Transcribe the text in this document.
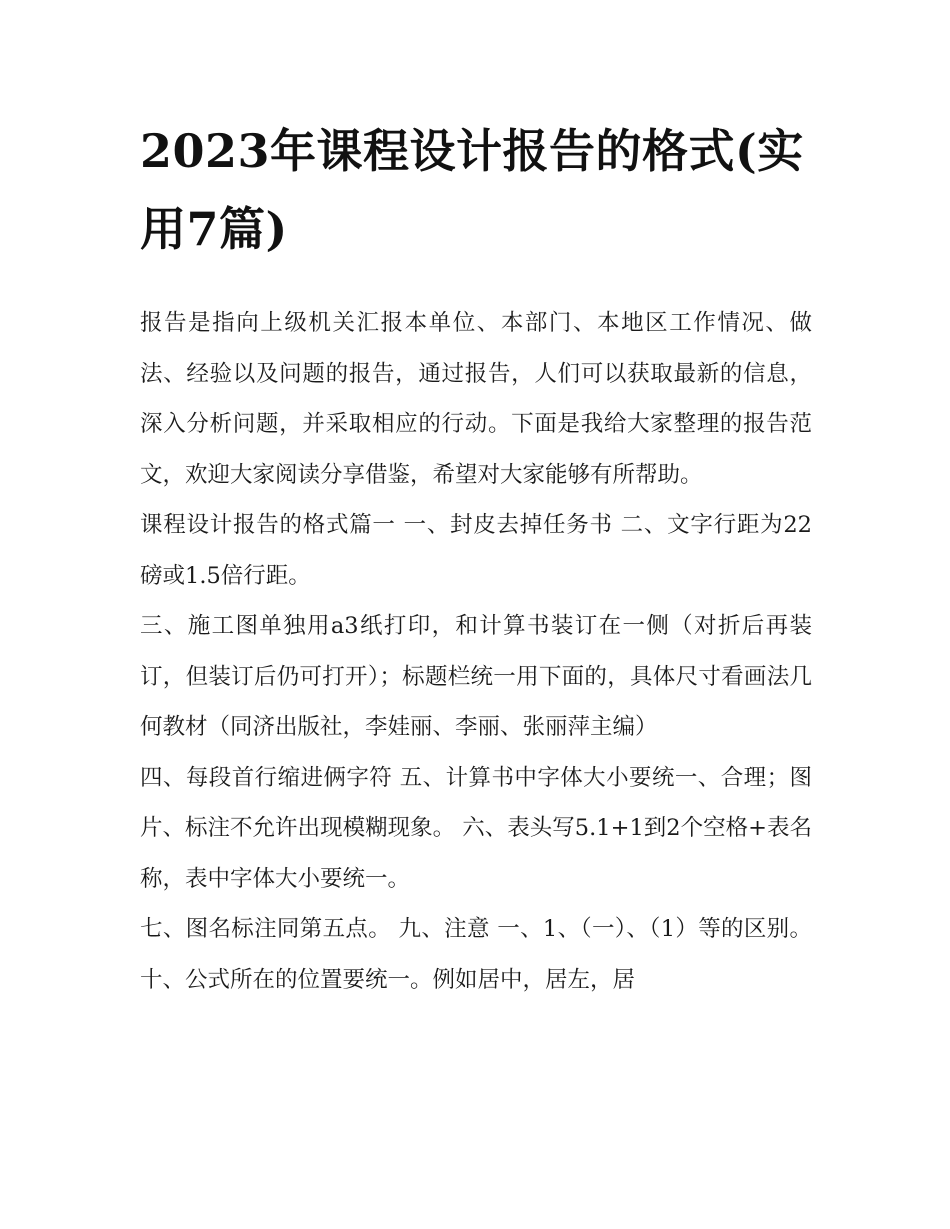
2023年课程设计报告的格式(实用7篇)

报告是指向上级机关汇报本单位、本部门、本地区工作情况、做法、经验以及问题的报告，通过报告，人们可以获取最新的信息，深入分析问题，并采取相应的行动。下面是我给大家整理的报告范文，欢迎大家阅读分享借鉴，希望对大家能够有所帮助。

课程设计报告的格式篇一 一、封皮去掉任务书 二、文字行距为22磅或1.5倍行距。

三、施工图单独用a3纸打印，和计算书装订在一侧（对折后再装订，但装订后仍可打开）；标题栏统一用下面的，具体尺寸看画法几何教材（同济出版社，李娃丽、李丽、张丽萍主编）

四、每段首行缩进俩字符 五、计算书中字体大小要统一、合理；图片、标注不允许出现模糊现象。 六、表头写5.1+1到2个空格+表名称，表中字体大小要统一。

七、图名标注同第五点。 九、注意 一、1、（一）、（1）等的区别。 十、公式所在的位置要统一。例如居中，居左，居
